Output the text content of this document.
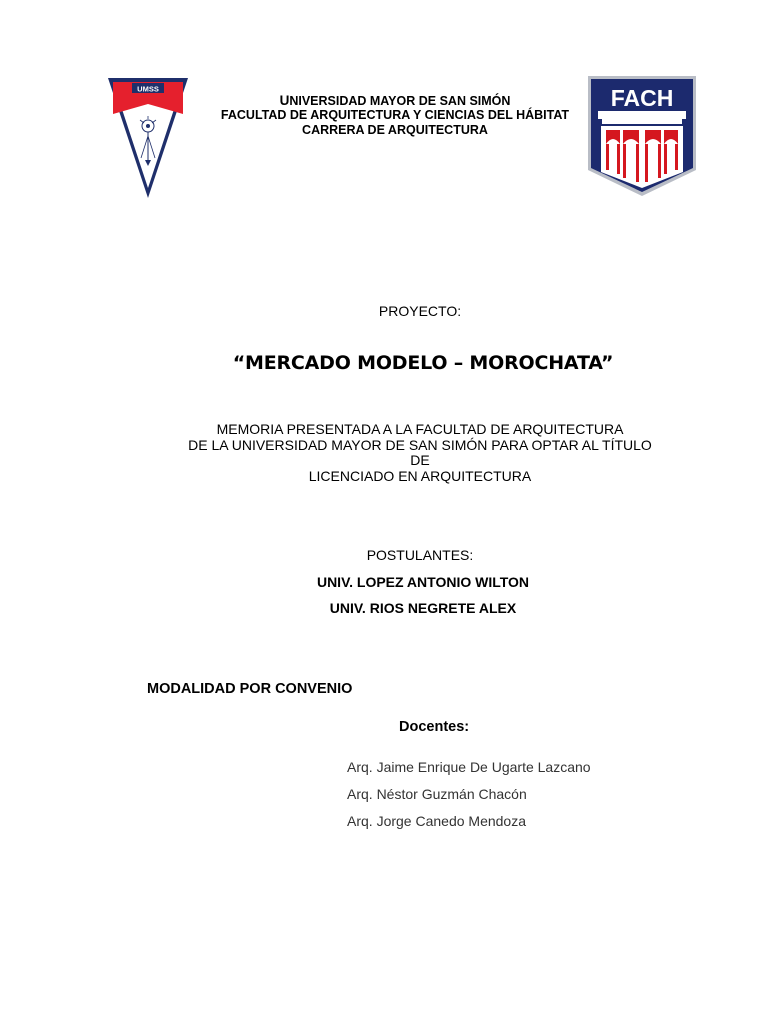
UMSS	FACH
UNIVERSIDAD MAYOR DE SAN SIMÓN
FACULTAD DE ARQUITECTURA Y CIENCIAS DEL HÁBITAT
CARRERA DE ARQUITECTURA
PROYECTO:
“MERCADO MODELO – MOROCHATA”
MEMORIA PRESENTADA A LA FACULTAD DE ARQUITECTURA
DE LA UNIVERSIDAD MAYOR DE SAN SIMÓN PARA OPTAR AL TÍTULO
DE
LICENCIADO EN ARQUITECTURA
POSTULANTES:
UNIV. LOPEZ ANTONIO WILTON
UNIV. RIOS NEGRETE ALEX
MODALIDAD POR CONVENIO
Docentes:
Arq. Jaime Enrique De Ugarte Lazcano
Arq. Néstor Guzmán Chacón
Arq. Jorge Canedo Mendoza
